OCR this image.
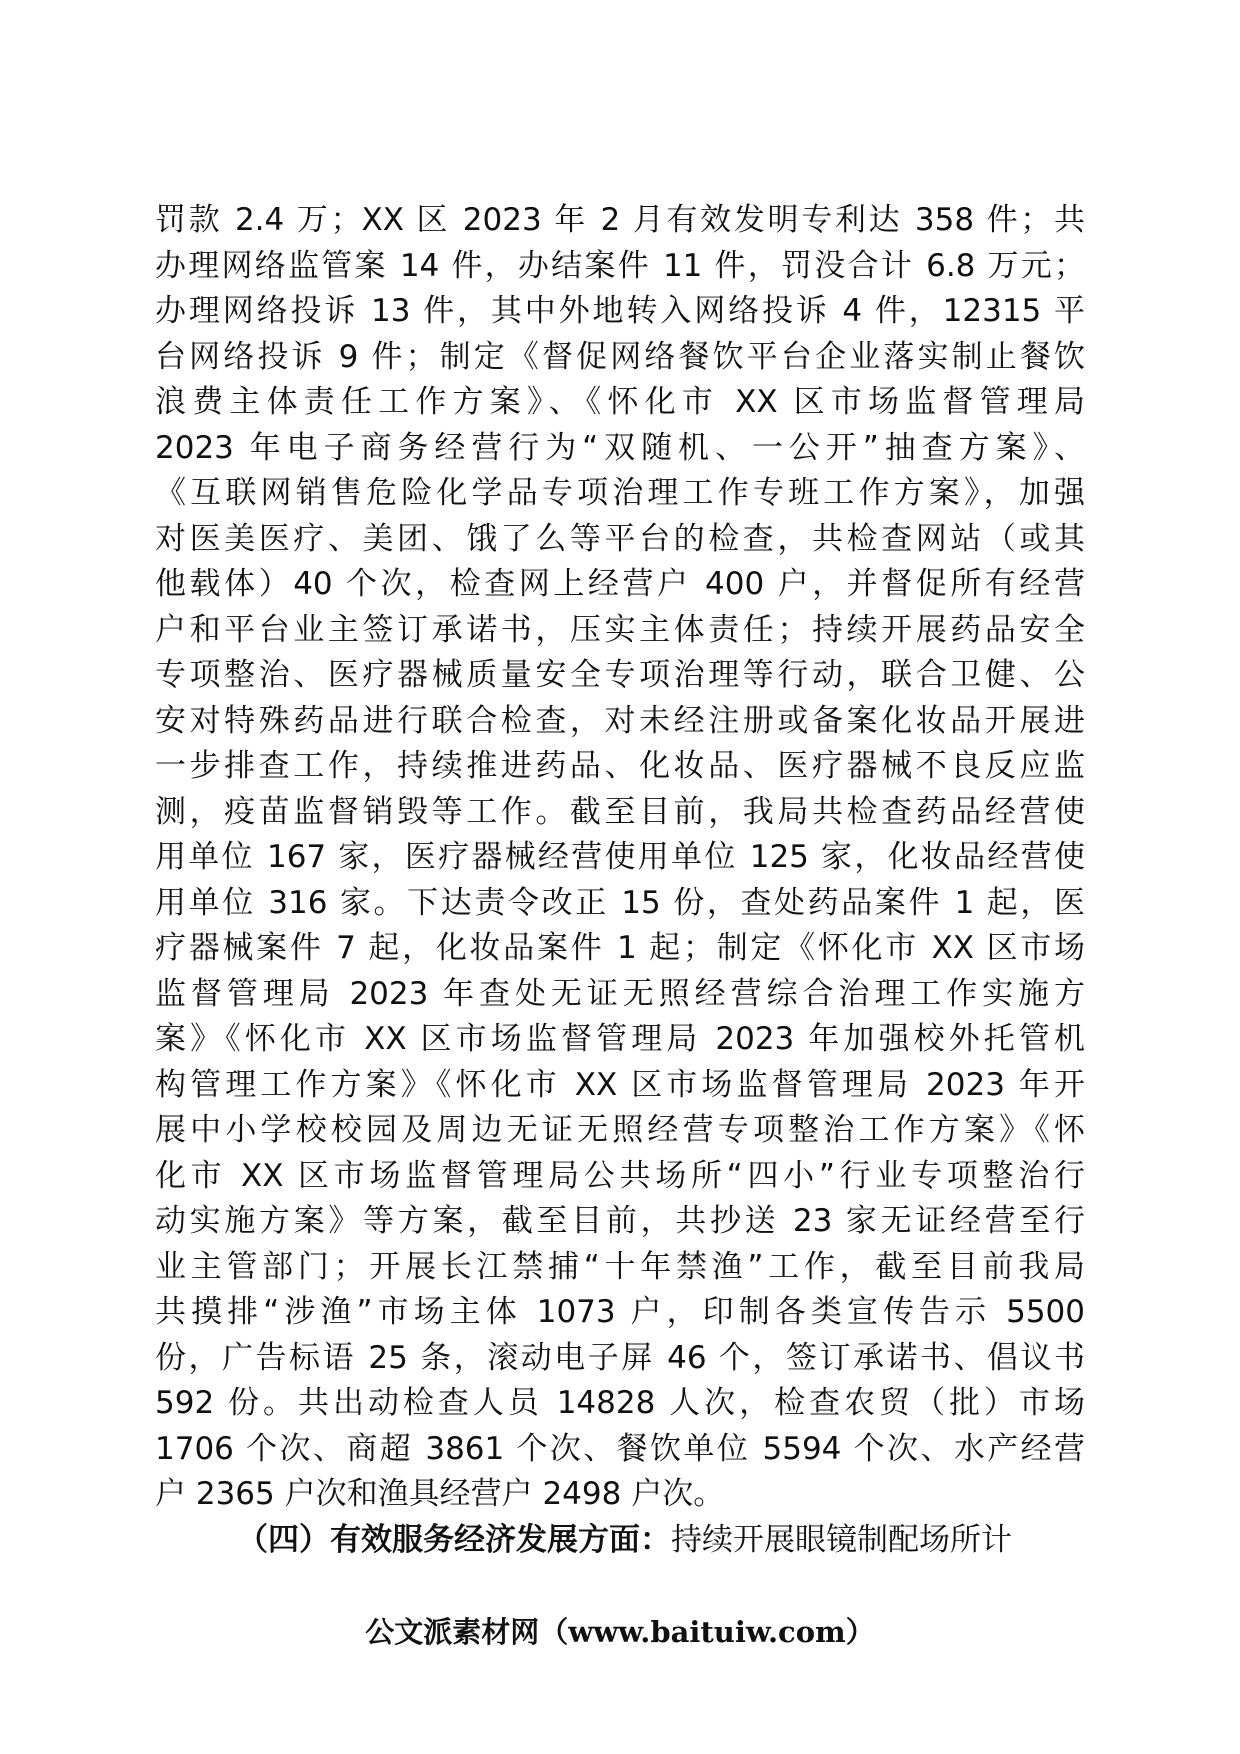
罚款 2.4 万；XX 区 2023 年 2 月有效发明专利达 358 件；共
办理网络监管案 14 件，办结案件 11 件，罚没合计 6.8 万元；
办理网络投诉 13 件，其中外地转入网络投诉 4 件，12315 平
台网络投诉 9 件；制定《督促网络餐饮平台企业落实制止餐饮
浪费主体责任工作方案》、《怀化市 XX 区市场监督管理局
2023 年电子商务经营行为“双随机、一公开”抽查方案》、
《互联网销售危险化学品专项治理工作专班工作方案》，加强
对医美医疗、美团、饿了么等平台的检查，共检查网站（或其
他载体）40 个次，检查网上经营户 400 户，并督促所有经营
户和平台业主签订承诺书，压实主体责任；持续开展药品安全
专项整治、医疗器械质量安全专项治理等行动，联合卫健、公
安对特殊药品进行联合检查，对未经注册或备案化妆品开展进
一步排查工作，持续推进药品、化妆品、医疗器械不良反应监
测，疫苗监督销毁等工作。截至目前，我局共检查药品经营使
用单位 167 家，医疗器械经营使用单位 125 家，化妆品经营使
用单位 316 家。下达责令改正 15 份，查处药品案件 1 起，医
疗器械案件 7 起，化妆品案件 1 起；制定《怀化市 XX 区市场
监督管理局 2023 年查处无证无照经营综合治理工作实施方
案》《怀化市 XX 区市场监督管理局 2023 年加强校外托管机
构管理工作方案》《怀化市 XX 区市场监督管理局 2023 年开
展中小学校校园及周边无证无照经营专项整治工作方案》《怀
化市 XX 区市场监督管理局公共场所“四小”行业专项整治行
动实施方案》等方案，截至目前，共抄送 23 家无证经营至行
业主管部门；开展长江禁捕“十年禁渔”工作，截至目前我局
共摸排“涉渔”市场主体 1073 户，印制各类宣传告示 5500
份，广告标语 25 条，滚动电子屏 46 个，签订承诺书、倡议书
592 份。共出动检查人员 14828 人次，检查农贸（批）市场
1706 个次、商超 3861 个次、餐饮单位 5594 个次、水产经营
户 2365 户次和渔具经营户 2498 户次。
（四）有效服务经济发展方面： 持续开展眼镜制配场所计
公文派素材网（www.baituiw.com）
